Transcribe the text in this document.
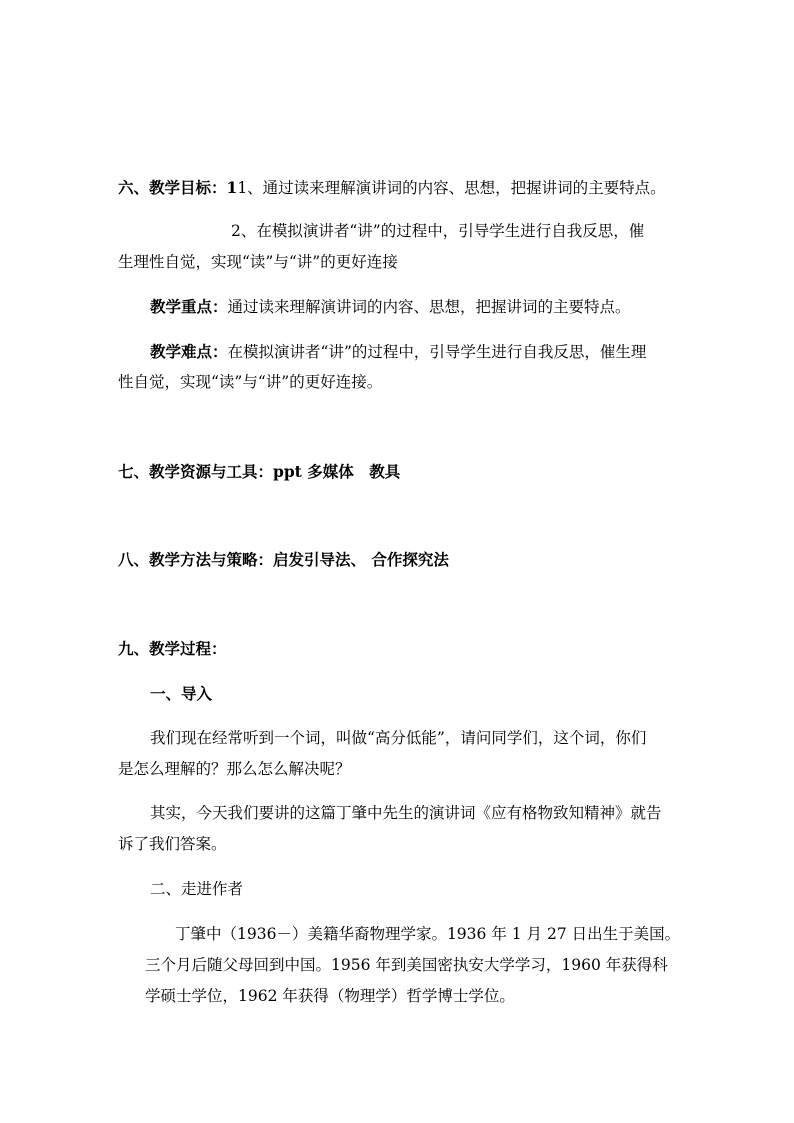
六、教学目标：11、通过读来理解演讲词的内容、思想，把握讲词的主要特点。
2、在模拟演讲者“讲”的过程中，引导学生进行自我反思，催
生理性自觉，实现“读”与“讲”的更好连接
教学重点：通过读来理解演讲词的内容、思想，把握讲词的主要特点。
教学难点：在模拟演讲者“讲”的过程中，引导学生进行自我反思，催生理
性自觉，实现“读”与“讲”的更好连接。
七、教学资源与工具：ppt 多媒体　教具
八、教学方法与策略：启发引导法、 合作探究法
九、教学过程：
一、导入
我们现在经常听到一个词，叫做“高分低能”，请问同学们，这个词，你们
是怎么理解的？那么怎么解决呢？
其实，今天我们要讲的这篇丁肇中先生的演讲词《应有格物致知精神》就告
诉了我们答案。
二、走进作者
丁肇中（1936－）美籍华裔物理学家。1936 年 1 月 27 日出生于美国。
三个月后随父母回到中国。1956 年到美国密执安大学学习，1960 年获得科
学硕士学位，1962 年获得（物理学）哲学博士学位。
